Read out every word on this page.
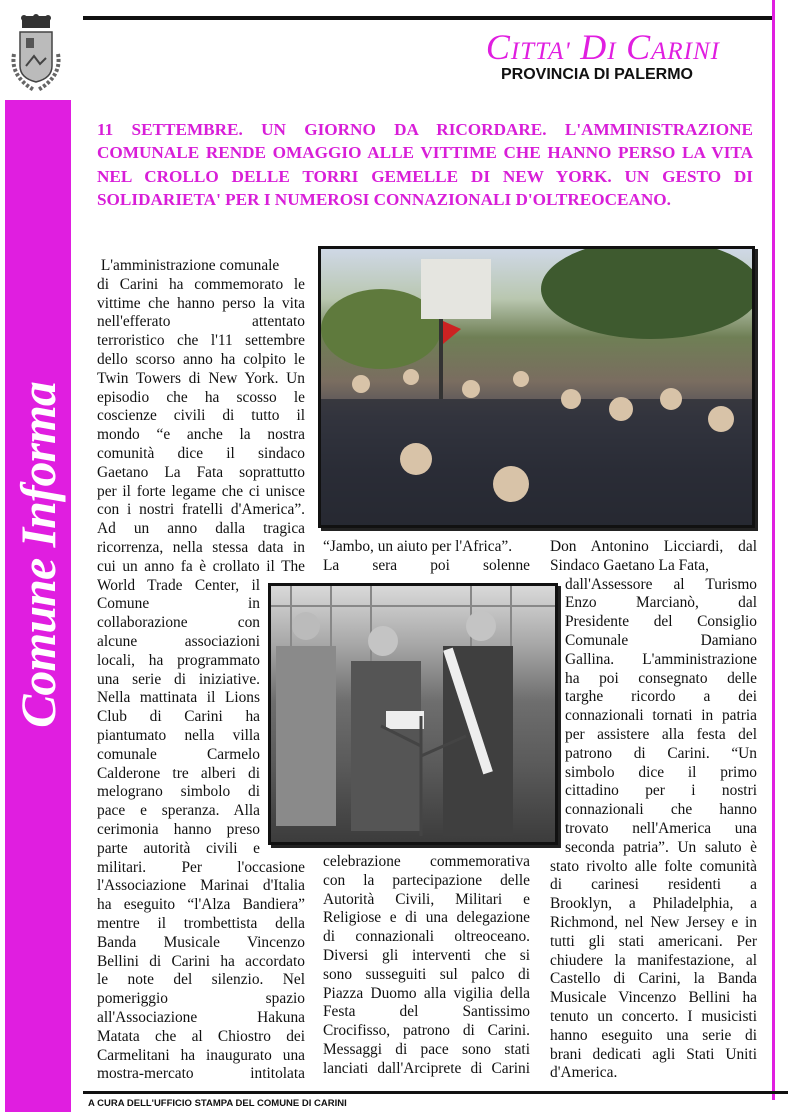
CITTA' DI CARINI
PROVINCIA DI PALERMO
Comune Informa
11 SETTEMBRE. UN GIORNO DA RICORDARE. L'AMMINISTRAZIONE COMUNALE RENDE OMAGGIO ALLE VITTIME CHE HANNO PERSO LA VITA NEL CROLLO DELLE TORRI GEMELLE DI NEW YORK. UN GESTO DI SOLIDARIETA' PER I NUMEROSI CONNAZIONALI D'OLTREOCEANO.
L'amministrazione comunale
di Carini ha commemorato le
vittime che hanno perso la vita
nell'efferato attentato
terroristico che l'11 settembre
dello scorso anno ha colpito le
Twin Towers di New York. Un
episodio che ha scosso le
coscienze civili di tutto il
mondo “e anche la nostra
comunità dice il sindaco
Gaetano La Fata soprattutto
per il forte legame che ci unisce
con i nostri fratelli d'America”.
Ad un anno dalla tragica
ricorrenza, nella stessa data in
cui un anno fa è crollato il The
World Trade Center, il
Comune in
collaborazione con
alcune associazioni
locali, ha programmato
una serie di iniziative.
Nella mattinata il Lions
Club di Carini ha
piantumato nella villa
comunale Carmelo
Calderone tre alberi di
melograno simbolo di
pace e speranza. Alla
cerimonia hanno preso
parte autorità civili e
militari. Per l'occasione
l'Associazione Marinai d'Italia
ha eseguito “l'Alza Bandiera”
mentre il trombettista della
Banda Musicale Vincenzo
Bellini di Carini ha accordato
le note del silenzio. Nel
pomeriggio spazio
all'Associazione Hakuna
Matata che al Chiostro dei
Carmelitani ha inaugurato una
mostra-mercato intitolata
“Jambo, un aiuto per l'Africa”.
La sera poi solenne
celebrazione commemorativa
con la partecipazione delle
Autorità Civili, Militari e
Religiose e di una delegazione
di connazionali oltreoceano.
Diversi gli interventi che si
sono susseguiti sul palco di
Piazza Duomo alla vigilia della
Festa del Santissimo
Crocifisso, patrono di Carini.
Messaggi di pace sono stati
lanciati dall'Arciprete di Carini
Don Antonino Licciardi, dal
Sindaco Gaetano La Fata,
dall'Assessore al Turismo
Enzo Marcianò, dal
Presidente del Consiglio
Comunale Damiano
Gallina. L'amministrazione
ha poi consegnato delle
targhe ricordo a dei
connazionali tornati in patria
per assistere alla festa del
patrono di Carini. “Un
simbolo dice il primo
cittadino per i nostri
connazionali che hanno
trovato nell'America una
seconda patria”. Un saluto è
stato rivolto alle folte comunità
di carinesi residenti a
Brooklyn, a Philadelphia, a
Richmond, nel New Jersey e in
tutti gli stati americani. Per
chiudere la manifestazione, al
Castello di Carini, la Banda
Musicale Vincenzo Bellini ha
tenuto un concerto. I musicisti
hanno eseguito una serie di
brani dedicati agli Stati Uniti
d'America.
A CURA DELL'UFFICIO STAMPA DEL COMUNE DI CARINI
